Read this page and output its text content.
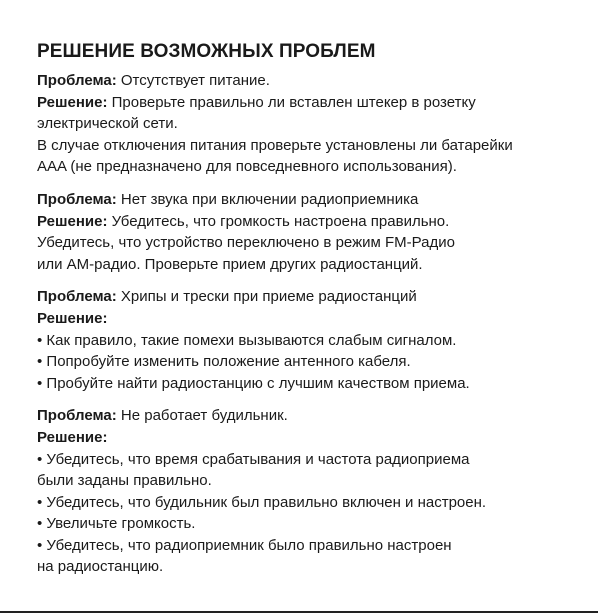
РЕШЕНИЕ ВОЗМОЖНЫХ ПРОБЛЕМ
Проблема: Отсутствует питание.
Решение: Проверьте правильно ли вставлен штекер в розетку
электрической сети.
В случае отключения питания проверьте установлены ли батарейки
AAA (не предназначено для повседневного использования).
Проблема: Нет звука при включении радиоприемника
Решение: Убедитесь, что громкость настроена правильно.
Убедитесь, что устройство переключено в режим FM-Радио
или AM-радио. Проверьте прием других радиостанций.
Проблема: Хрипы и трески при приеме радиостанций
Решение:
• Как правило, такие помехи вызываются слабым сигналом.
• Попробуйте изменить положение антенного кабеля.
• Пробуйте найти радиостанцию с лучшим качеством приема.
Проблема: Не работает будильник.
Решение:
• Убедитесь, что время срабатывания и частота радиоприема
были заданы правильно.
• Убедитесь, что будильник был правильно включен и настроен.
• Увеличьте громкость.
• Убедитесь, что радиоприемник было правильно настроен
на радиостанцию.
